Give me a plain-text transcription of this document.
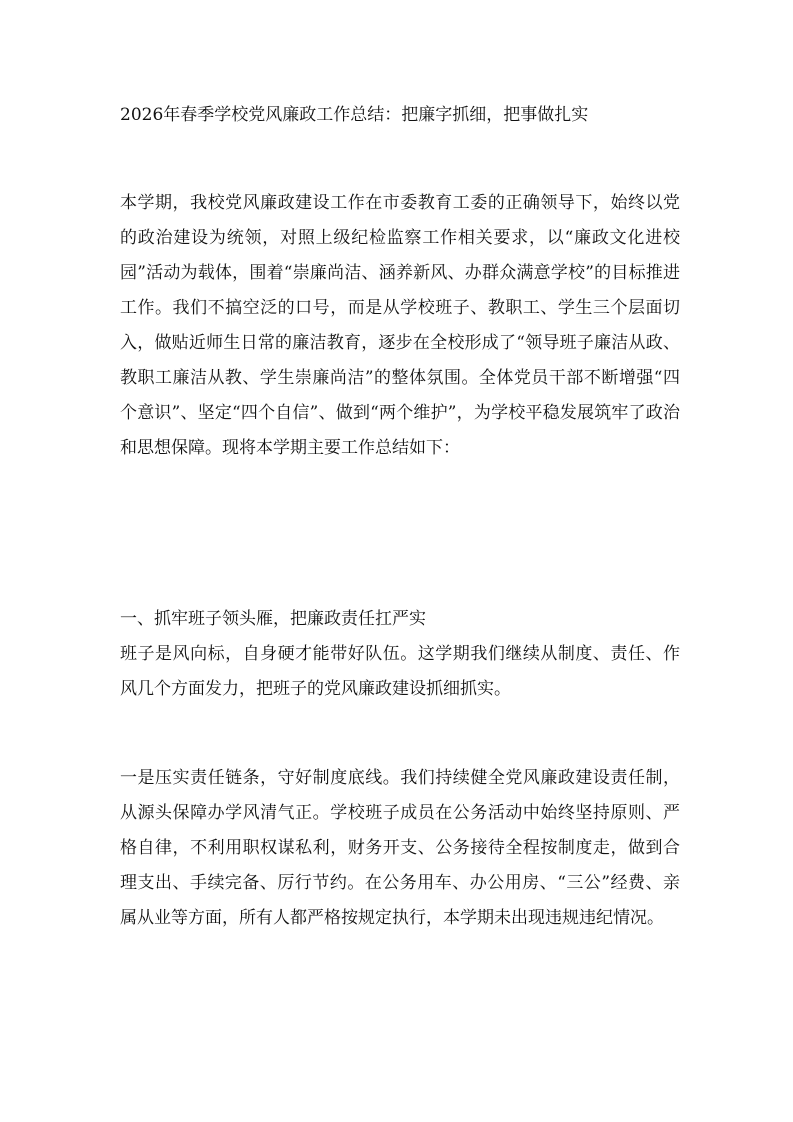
2026年春季学校党风廉政工作总结：把廉字抓细，把事做扎实

本学期，我校党风廉政建设工作在市委教育工委的正确领导下，始终以党的政治建设为统领，对照上级纪检监察工作相关要求，以“廉政文化进校园”活动为载体，围着“崇廉尚洁、涵养新风、办群众满意学校”的目标推进工作。我们不搞空泛的口号，而是从学校班子、教职工、学生三个层面切入，做贴近师生日常的廉洁教育，逐步在全校形成了“领导班子廉洁从政、教职工廉洁从教、学生崇廉尚洁”的整体氛围。全体党员干部不断增强“四个意识”、坚定“四个自信”、做到“两个维护”，为学校平稳发展筑牢了政治和思想保障。现将本学期主要工作总结如下：

一、抓牢班子领头雁，把廉政责任扛严实

班子是风向标，自身硬才能带好队伍。这学期我们继续从制度、责任、作风几个方面发力，把班子的党风廉政建设抓细抓实。

一是压实责任链条，守好制度底线。我们持续健全党风廉政建设责任制，从源头保障办学风清气正。学校班子成员在公务活动中始终坚持原则、严格自律，不利用职权谋私利，财务开支、公务接待全程按制度走，做到合理支出、手续完备、厉行节约。在公务用车、办公用房、“三公”经费、亲属从业等方面，所有人都严格按规定执行，本学期未出现违规违纪情况。
